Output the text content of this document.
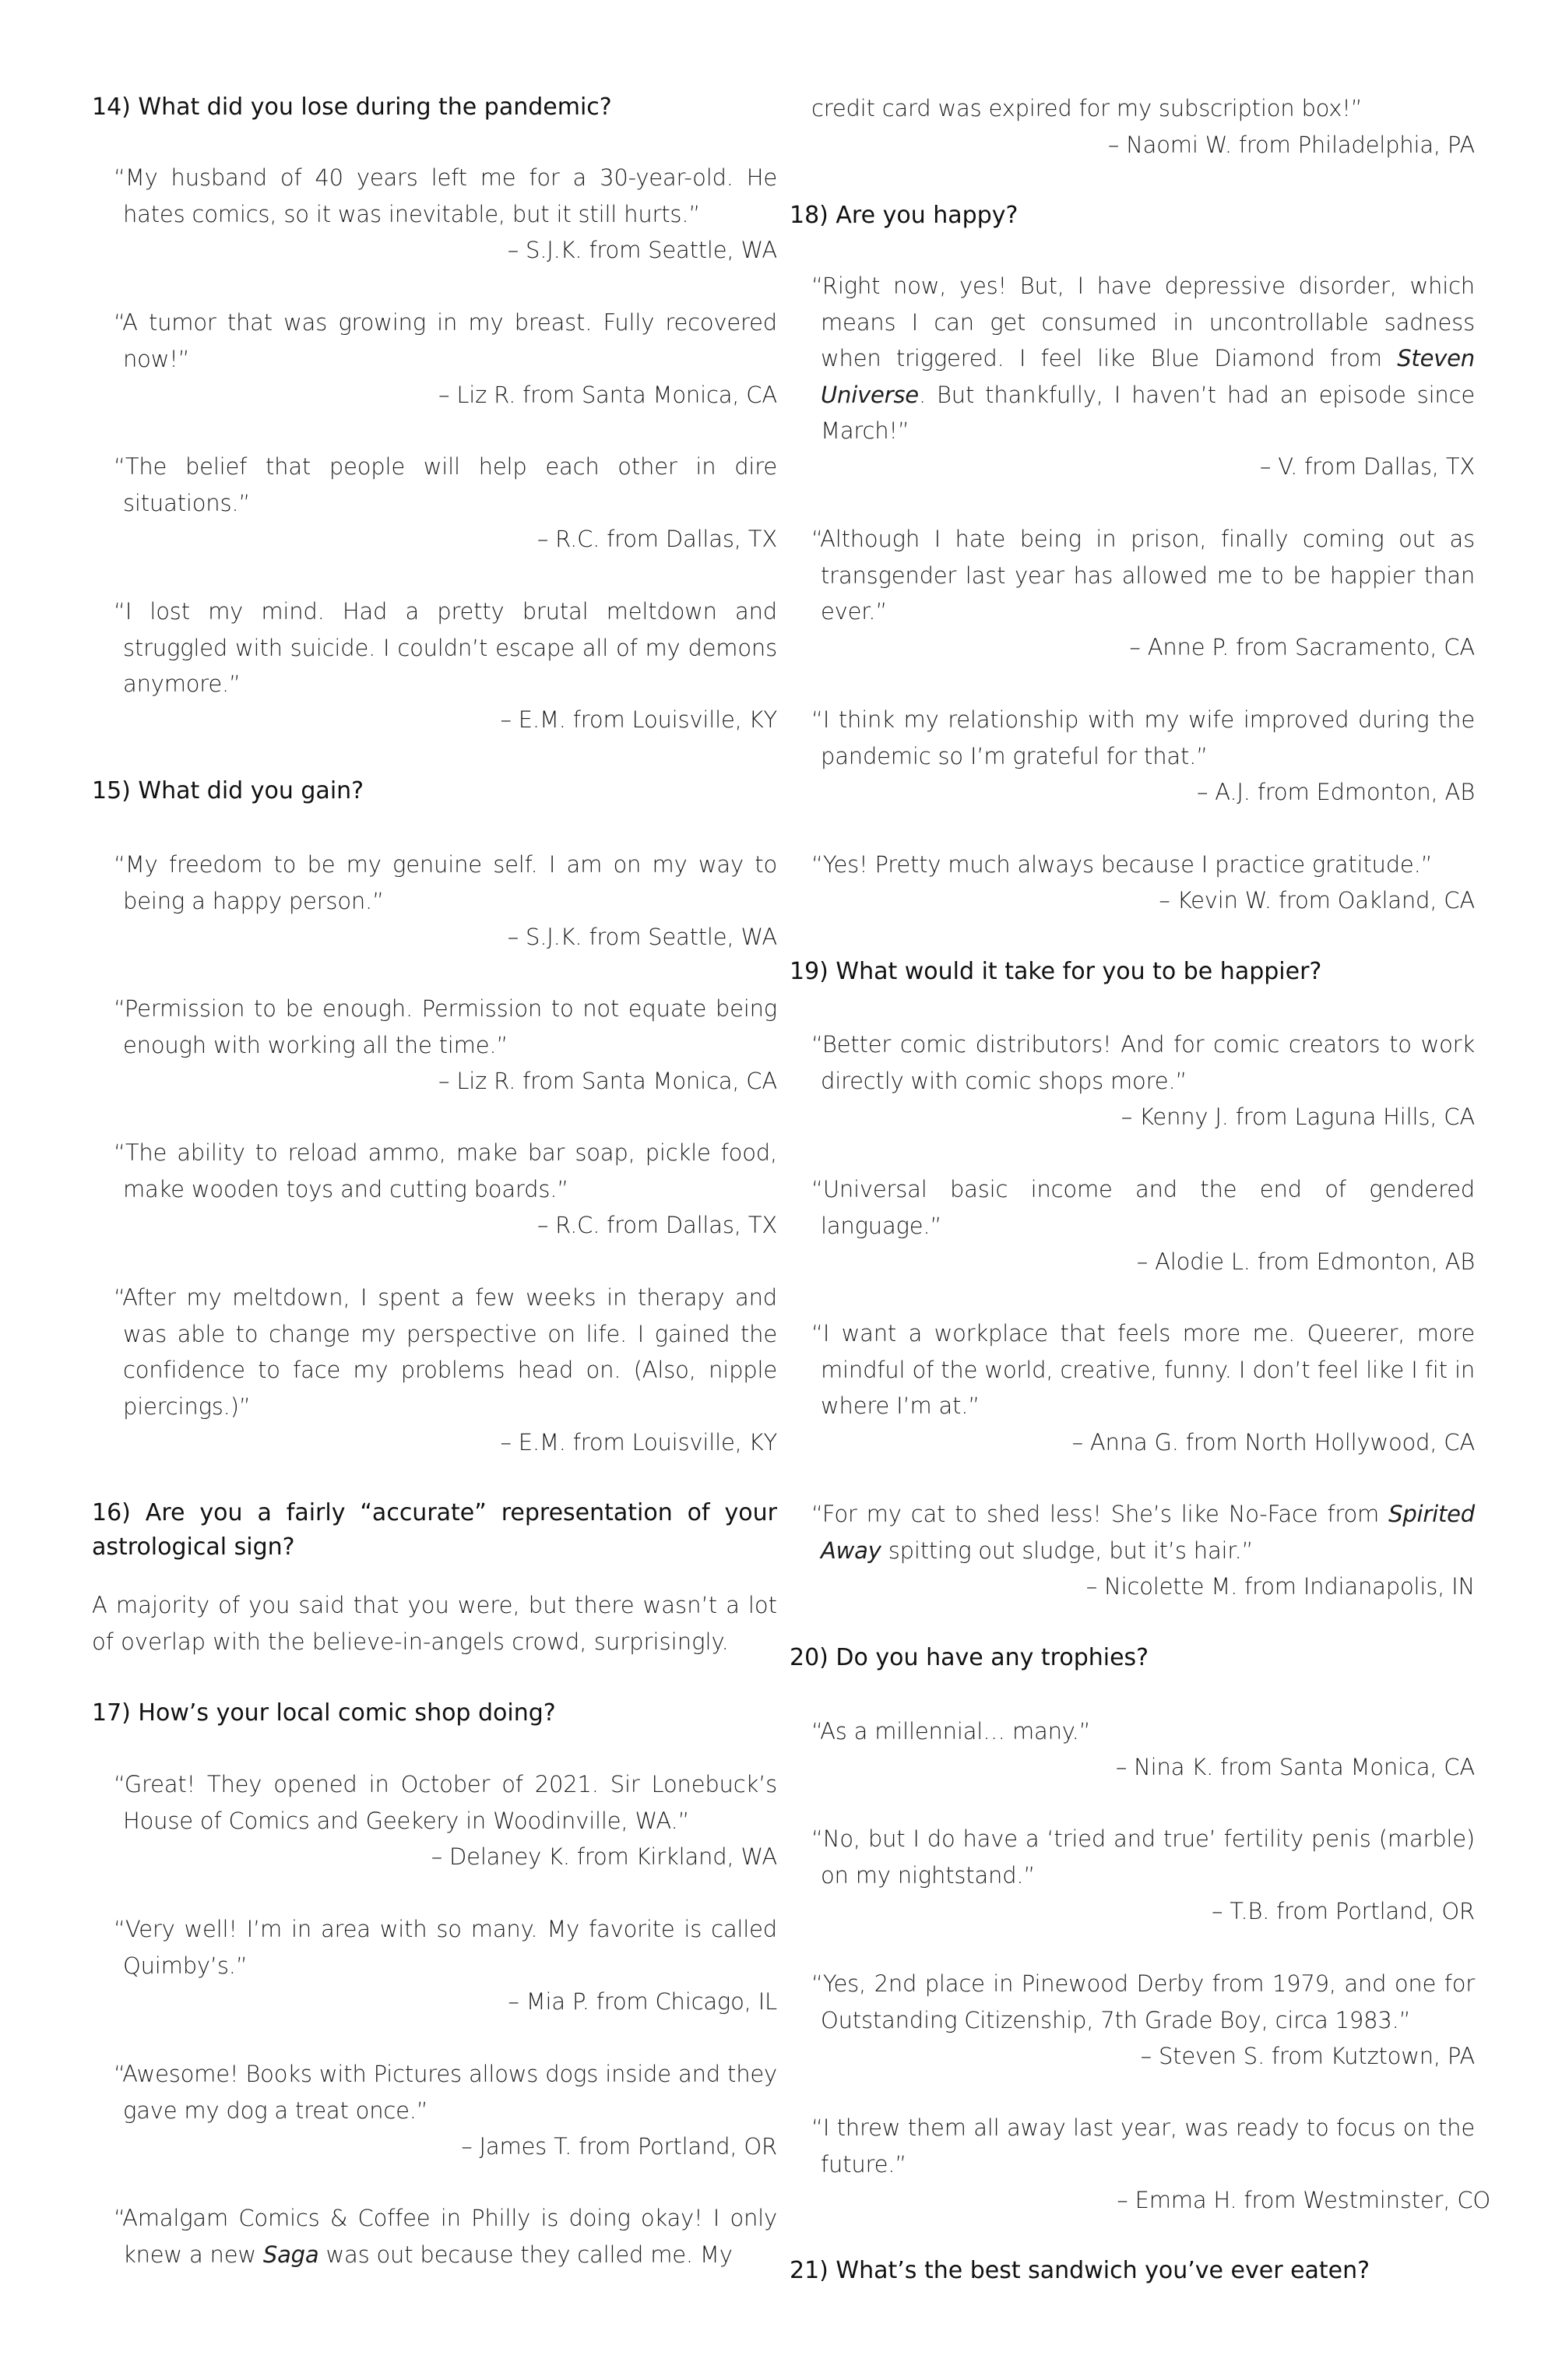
14) What did you lose during the pandemic?
“My husband of 40 years left me for a 30-year-old. He hates comics, so it was inevitable, but it still hurts.”
– S.J.K. from Seattle, WA
“A tumor that was growing in my breast. Fully recovered now!”
– Liz R. from Santa Monica, CA
“The belief that people will help each other in dire situations.”
– R.C. from Dallas, TX
“I lost my mind. Had a pretty brutal meltdown and struggled with suicide. I couldn’t escape all of my demons anymore.”
– E.M. from Louisville, KY
15) What did you gain?
“My freedom to be my genuine self. I am on my way to being a happy person.”
– S.J.K. from Seattle, WA
“Permission to be enough. Permission to not equate being enough with working all the time.”
– Liz R. from Santa Monica, CA
“The ability to reload ammo, make bar soap, pickle food, make wooden toys and cutting boards.”
– R.C. from Dallas, TX
“After my meltdown, I spent a few weeks in therapy and was able to change my perspective on life. I gained the confidence to face my problems head on. (Also, nipple piercings.)”
– E.M. from Louisville, KY
16) Are you a fairly “accurate” representation of your astrological sign?
A majority of you said that you were, but there wasn’t a lot of overlap with the believe-in-angels crowd, surprisingly.
17) How’s your local comic shop doing?
“Great! They opened in October of 2021. Sir Lonebuck’s House of Comics and Geekery in Woodinville, WA.”
– Delaney K. from Kirkland, WA
“Very well! I’m in area with so many. My favorite is called Quimby’s.”
– Mia P. from Chicago, IL
“Awesome! Books with Pictures allows dogs inside and they gave my dog a treat once.”
– James T. from Portland, OR
“Amalgam Comics & Coffee in Philly is doing okay! I only knew a new Saga was out because they called me. My
credit card was expired for my subscription box!”
– Naomi W. from Philadelphia, PA
18) Are you happy?
“Right now, yes! But, I have depressive disorder, which means I can get consumed in uncontrollable sadness when triggered. I feel like Blue Diamond from Steven Universe. But thankfully, I haven’t had an episode since March!”
– V. from Dallas, TX
“Although I hate being in prison, finally coming out as transgender last year has allowed me to be happier than ever.”
– Anne P. from Sacramento, CA
“I think my relationship with my wife improved during the pandemic so I’m grateful for that.”
– A.J. from Edmonton, AB
“Yes! Pretty much always because I practice gratitude.”
– Kevin W. from Oakland, CA
19) What would it take for you to be happier?
“Better comic distributors! And for comic creators to work directly with comic shops more.”
– Kenny J. from Laguna Hills, CA
“Universal basic income and the end of gendered language.”
– Alodie L. from Edmonton, AB
“I want a workplace that feels more me. Queerer, more mindful of the world, creative, funny. I don’t feel like I fit in where I’m at.”
– Anna G. from North Hollywood, CA
“For my cat to shed less! She’s like No-Face from Spirited Away spitting out sludge, but it’s hair.”
– Nicolette M. from Indianapolis, IN
20) Do you have any trophies?
“As a millennial… many.”
– Nina K. from Santa Monica, CA
“No, but I do have a ‘tried and true’ fertility penis (marble) on my nightstand.”
– T.B. from Portland, OR
“Yes, 2nd place in Pinewood Derby from 1979, and one for Outstanding Citizenship, 7th Grade Boy, circa 1983.”
– Steven S. from Kutztown, PA
“I threw them all away last year, was ready to focus on the future.”
– Emma H. from Westminster, CO
21) What’s the best sandwich you’ve ever eaten?
